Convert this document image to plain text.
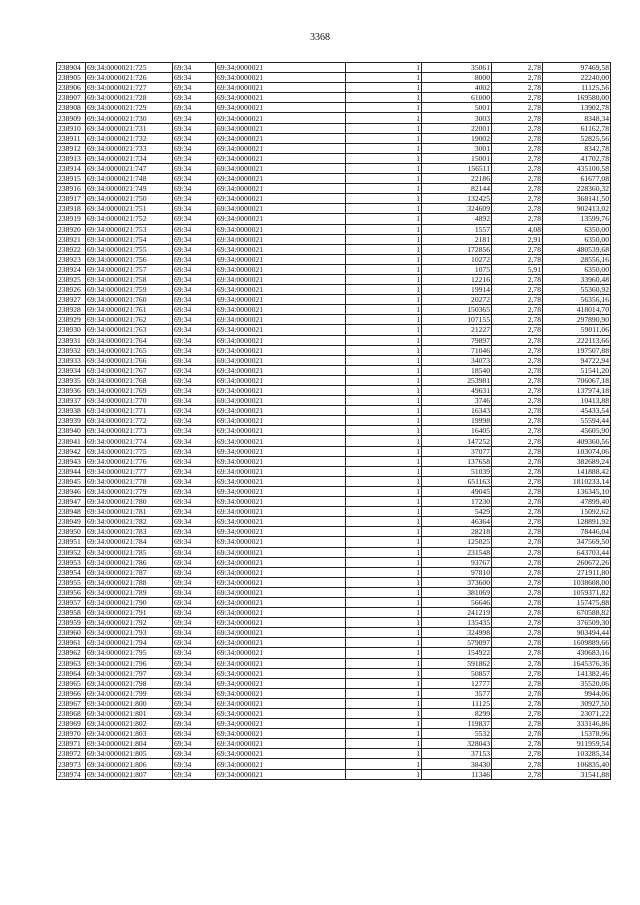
3368
238904	69:34:0000021:725	69:34	69:34:0000021	1	35061	2,78	97469,58
238905	69:34:0000021:726	69:34	69:34:0000021	1	8000	2,78	22240,00
238906	69:34:0000021:727	69:34	69:34:0000021	1	4002	2,78	11125,56
238907	69:34:0000021:728	69:34	69:34:0000021	1	61000	2,78	169580,00
238908	69:34:0000021:729	69:34	69:34:0000021	1	5001	2,78	13902,78
238909	69:34:0000021:730	69:34	69:34:0000021	1	3003	2,78	8348,34
238910	69:34:0000021:731	69:34	69:34:0000021	1	22001	2,78	61162,78
238911	69:34:0000021:732	69:34	69:34:0000021	1	19002	2,78	52825,56
238912	69:34:0000021:733	69:34	69:34:0000021	1	3001	2,78	8342,78
238913	69:34:0000021:734	69:34	69:34:0000021	1	15001	2,78	41702,78
238914	69:34:0000021:747	69:34	69:34:0000021	1	156511	2,78	435100,58
238915	69:34:0000021:748	69:34	69:34:0000021	1	22186	2,78	61677,08
238916	69:34:0000021:749	69:34	69:34:0000021	1	82144	2,78	228360,32
238917	69:34:0000021:750	69:34	69:34:0000021	1	132425	2,78	368141,50
238918	69:34:0000021:751	69:34	69:34:0000021	1	324609	2,78	902413,02
238919	69:34:0000021:752	69:34	69:34:0000021	1	4892	2,78	13599,76
238920	69:34:0000021:753	69:34	69:34:0000021	1	1557	4,08	6350,00
238921	69:34:0000021:754	69:34	69:34:0000021	1	2181	2,91	6350,00
238922	69:34:0000021:755	69:34	69:34:0000021	1	172856	2,78	480539,68
238923	69:34:0000021:756	69:34	69:34:0000021	1	10272	2,78	28556,16
238924	69:34:0000021:757	69:34	69:34:0000021	1	1075	5,91	6350,00
238925	69:34:0000021:758	69:34	69:34:0000021	1	12216	2,78	33960,48
238926	69:34:0000021:759	69:34	69:34:0000021	1	19914	2,78	55360,92
238927	69:34:0000021:760	69:34	69:34:0000021	1	20272	2,78	56356,16
238928	69:34:0000021:761	69:34	69:34:0000021	1	150365	2,78	418014,70
238929	69:34:0000021:762	69:34	69:34:0000021	1	107155	2,78	297890,90
238930	69:34:0000021:763	69:34	69:34:0000021	1	21227	2,78	59011,06
238931	69:34:0000021:764	69:34	69:34:0000021	1	79897	2,78	222113,66
238932	69:34:0000021:765	69:34	69:34:0000021	1	71046	2,78	197507,88
238933	69:34:0000021:766	69:34	69:34:0000021	1	34073	2,78	94722,94
238934	69:34:0000021:767	69:34	69:34:0000021	1	18540	2,78	51541,20
238935	69:34:0000021:768	69:34	69:34:0000021	1	253981	2,78	706067,18
238936	69:34:0000021:769	69:34	69:34:0000021	1	49631	2,78	137974,18
238937	69:34:0000021:770	69:34	69:34:0000021	1	3746	2,78	10413,88
238938	69:34:0000021:771	69:34	69:34:0000021	1	16343	2,78	45433,54
238939	69:34:0000021:772	69:34	69:34:0000021	1	19998	2,78	55594,44
238940	69:34:0000021:773	69:34	69:34:0000021	1	16405	2,78	45605,90
238941	69:34:0000021:774	69:34	69:34:0000021	1	147252	2,78	409360,56
238942	69:34:0000021:775	69:34	69:34:0000021	1	37077	2,78	103074,06
238943	69:34:0000021:776	69:34	69:34:0000021	1	137658	2,78	382689,24
238944	69:34:0000021:777	69:34	69:34:0000021	1	51039	2,78	141888,42
238945	69:34:0000021:778	69:34	69:34:0000021	1	651163	2,78	1810233,14
238946	69:34:0000021:779	69:34	69:34:0000021	1	49045	2,78	136345,10
238947	69:34:0000021:780	69:34	69:34:0000021	1	17230	2,78	47899,40
238948	69:34:0000021:781	69:34	69:34:0000021	1	5429	2,78	15092,62
238949	69:34:0000021:782	69:34	69:34:0000021	1	46364	2,78	128891,92
238950	69:34:0000021:783	69:34	69:34:0000021	1	28218	2,78	78446,04
238951	69:34:0000021:784	69:34	69:34:0000021	1	125025	2,78	347569,50
238952	69:34:0000021:785	69:34	69:34:0000021	1	231548	2,78	643703,44
238953	69:34:0000021:786	69:34	69:34:0000021	1	93767	2,78	260672,26
238954	69:34:0000021:787	69:34	69:34:0000021	1	97810	2,78	271911,80
238955	69:34:0000021:788	69:34	69:34:0000021	1	373600	2,78	1038608,00
238956	69:34:0000021:789	69:34	69:34:0000021	1	381069	2,78	1059371,82
238957	69:34:0000021:790	69:34	69:34:0000021	1	56646	2,78	157475,88
238958	69:34:0000021:791	69:34	69:34:0000021	1	241219	2,78	670588,82
238959	69:34:0000021:792	69:34	69:34:0000021	1	135435	2,78	376509,30
238960	69:34:0000021:793	69:34	69:34:0000021	1	324998	2,78	903494,44
238961	69:34:0000021:794	69:34	69:34:0000021	1	579097	2,78	1609889,66
238962	69:34:0000021:795	69:34	69:34:0000021	1	154922	2,78	430683,16
238963	69:34:0000021:796	69:34	69:34:0000021	1	591862	2,78	1645376,36
238964	69:34:0000021:797	69:34	69:34:0000021	1	50857	2,78	141382,46
238965	69:34:0000021:798	69:34	69:34:0000021	1	12777	2,78	35520,06
238966	69:34:0000021:799	69:34	69:34:0000021	1	3577	2,78	9944,06
238967	69:34:0000021:800	69:34	69:34:0000021	1	11125	2,78	30927,50
238968	69:34:0000021:801	69:34	69:34:0000021	1	8299	2,78	23071,22
238969	69:34:0000021:802	69:34	69:34:0000021	1	119837	2,78	333146,86
238970	69:34:0000021:803	69:34	69:34:0000021	1	5532	2,78	15378,96
238971	69:34:0000021:804	69:34	69:34:0000021	1	328043	2,78	911959,54
238972	69:34:0000021:805	69:34	69:34:0000021	1	37153	2,78	103285,34
238973	69:34:0000021:806	69:34	69:34:0000021	1	38430	2,78	106835,40
238974	69:34:0000021:807	69:34	69:34:0000021	1	11346	2,78	31541,88
